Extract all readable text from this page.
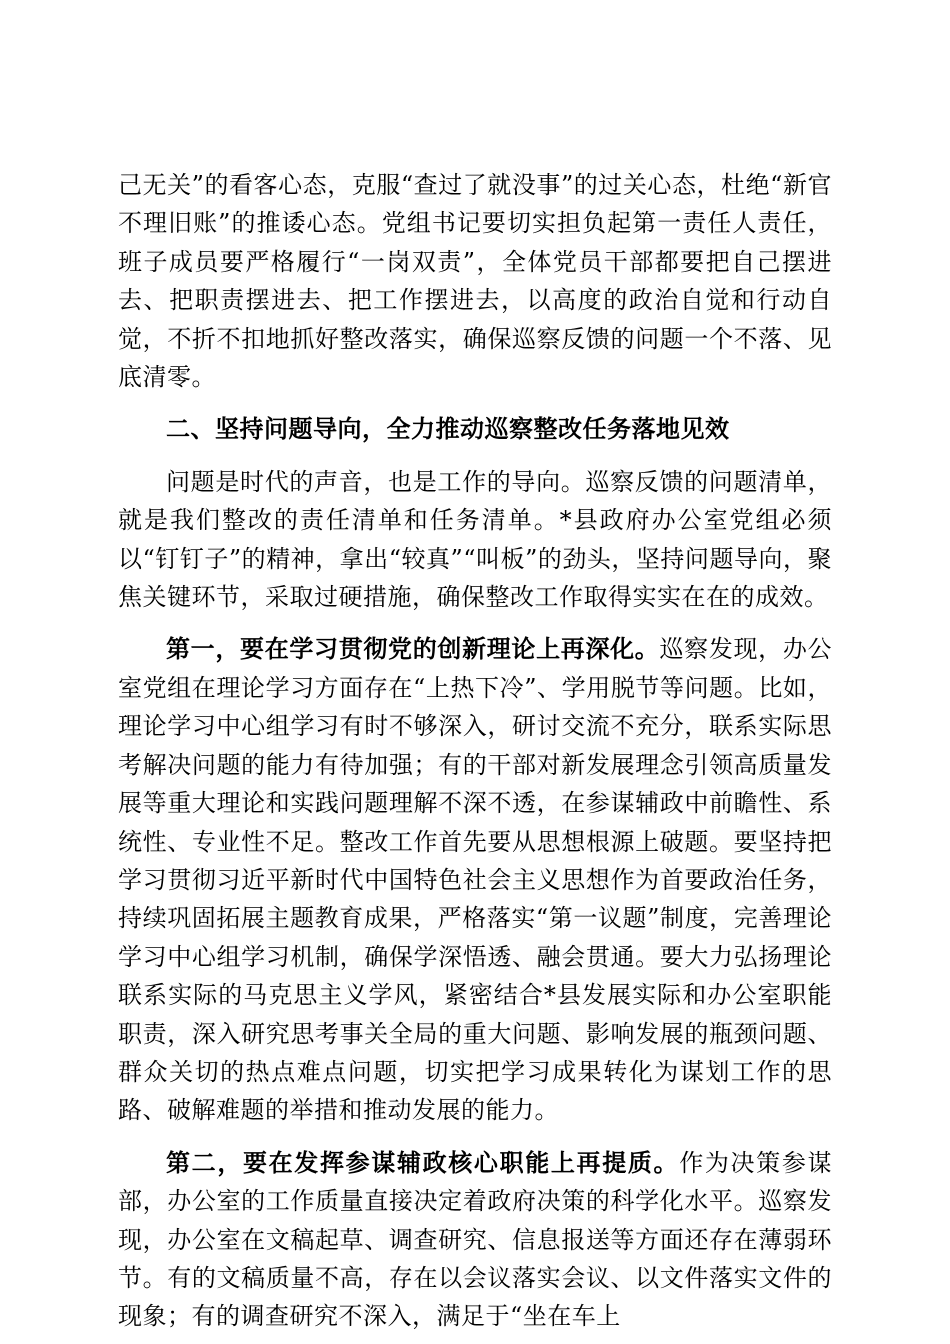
己无关”的看客心态，克服“查过了就没事”的过关心态，杜绝“新官不理旧账”的推诿心态。党组书记要切实担负起第一责任人责任，班子成员要严格履行“一岗双责”，全体党员干部都要把自己摆进去、把职责摆进去、把工作摆进去，以高度的政治自觉和行动自觉，不折不扣地抓好整改落实，确保巡察反馈的问题一个不落、见底清零。

二、坚持问题导向，全力推动巡察整改任务落地见效

问题是时代的声音，也是工作的导向。巡察反馈的问题清单，就是我们整改的责任清单和任务清单。*县政府办公室党组必须以“钉钉子”的精神，拿出“较真”“叫板”的劲头，坚持问题导向，聚焦关键环节，采取过硬措施，确保整改工作取得实实在在的成效。

第一，要在学习贯彻党的创新理论上再深化。巡察发现，办公室党组在理论学习方面存在“上热下冷”、学用脱节等问题。比如，理论学习中心组学习有时不够深入，研讨交流不充分，联系实际思考解决问题的能力有待加强；有的干部对新发展理念引领高质量发展等重大理论和实践问题理解不深不透，在参谋辅政中前瞻性、系统性、专业性不足。整改工作首先要从思想根源上破题。要坚持把学习贯彻习近平新时代中国特色社会主义思想作为首要政治任务，持续巩固拓展主题教育成果，严格落实“第一议题”制度，完善理论学习中心组学习机制，确保学深悟透、融会贯通。要大力弘扬理论联系实际的马克思主义学风，紧密结合*县发展实际和办公室职能职责，深入研究思考事关全局的重大问题、影响发展的瓶颈问题、群众关切的热点难点问题，切实把学习成果转化为谋划工作的思路、破解难题的举措和推动发展的能力。

第二，要在发挥参谋辅政核心职能上再提质。作为决策参谋部，办公室的工作质量直接决定着政府决策的科学化水平。巡察发现，办公室在文稿起草、调查研究、信息报送等方面还存在薄弱环节。有的文稿质量不高，存在以会议落实会议、以文件落实文件的现象；有的调查研究不深入，满足于“坐在车上
